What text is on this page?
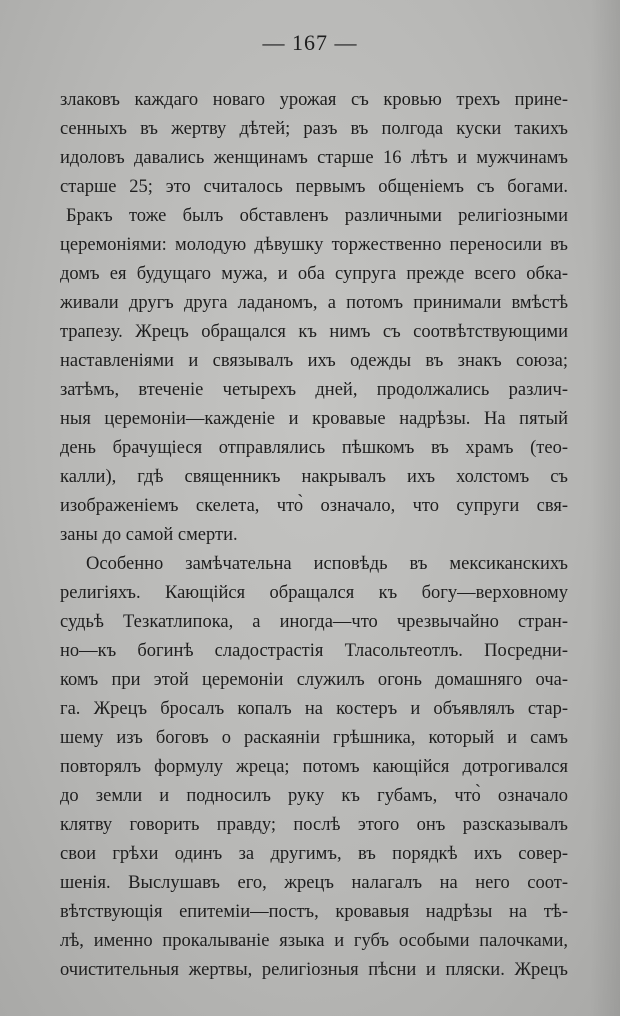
— 167 —
злаковъ каждаго новаго урожая съ кровью трехъ прине-
сенныхъ въ жертву дѣтей; разъ въ полгода куски такихъ
идоловъ давались женщинамъ старше 16 лѣтъ и мужчинамъ
старше 25; это считалось первымъ общеніемъ съ богами.
Бракъ тоже былъ обставленъ различными религіозными
церемоніями: молодую дѣвушку торжественно переносили въ
домъ ея будущаго мужа, и оба супруга прежде всего обка-
живали другъ друга ладаномъ, а потомъ принимали вмѣстѣ
трапезу. Жрецъ обращался къ нимъ съ соотвѣтствующими
наставленіями и связывалъ ихъ одежды въ знакъ союза;
затѣмъ, втеченіе четырехъ дней, продолжались различ-
ныя церемоніи—кажденіе и кровавые надрѣзы. На пятый
день брачущіеся отправлялись пѣшкомъ въ храмъ (тео-
калли), гдѣ священникъ накрывалъ ихъ холстомъ съ
изображеніемъ скелета, что̀ означало, что супруги свя-
заны до самой смерти.
Особенно замѣчательна исповѣдь въ мексиканскихъ
религіяхъ. Кающійся обращался къ богу—верховному
судьѣ Тезкатлипока, а иногда—что чрезвычайно стран-
но—къ богинѣ сладострастія Тласольтеотлъ. Посредни-
комъ при этой церемоніи служилъ огонь домашняго оча-
га. Жрецъ бросалъ копалъ на костеръ и объявлялъ стар-
шему изъ боговъ о раскаяніи грѣшника, который и самъ
повторялъ формулу жреца; потомъ кающійся дотрогивался
до земли и подносилъ руку къ губамъ, что̀ означало
клятву говорить правду; послѣ этого онъ разсказывалъ
свои грѣхи одинъ за другимъ, въ порядкѣ ихъ совер-
шенія. Выслушавъ его, жрецъ налагалъ на него соот-
вѣтствующія епитеміи—постъ, кровавыя надрѣзы на тѣ-
лѣ, именно прокалываніе языка и губъ особыми палочками,
очистительныя жертвы, религіозныя пѣсни и пляски. Жрецъ
